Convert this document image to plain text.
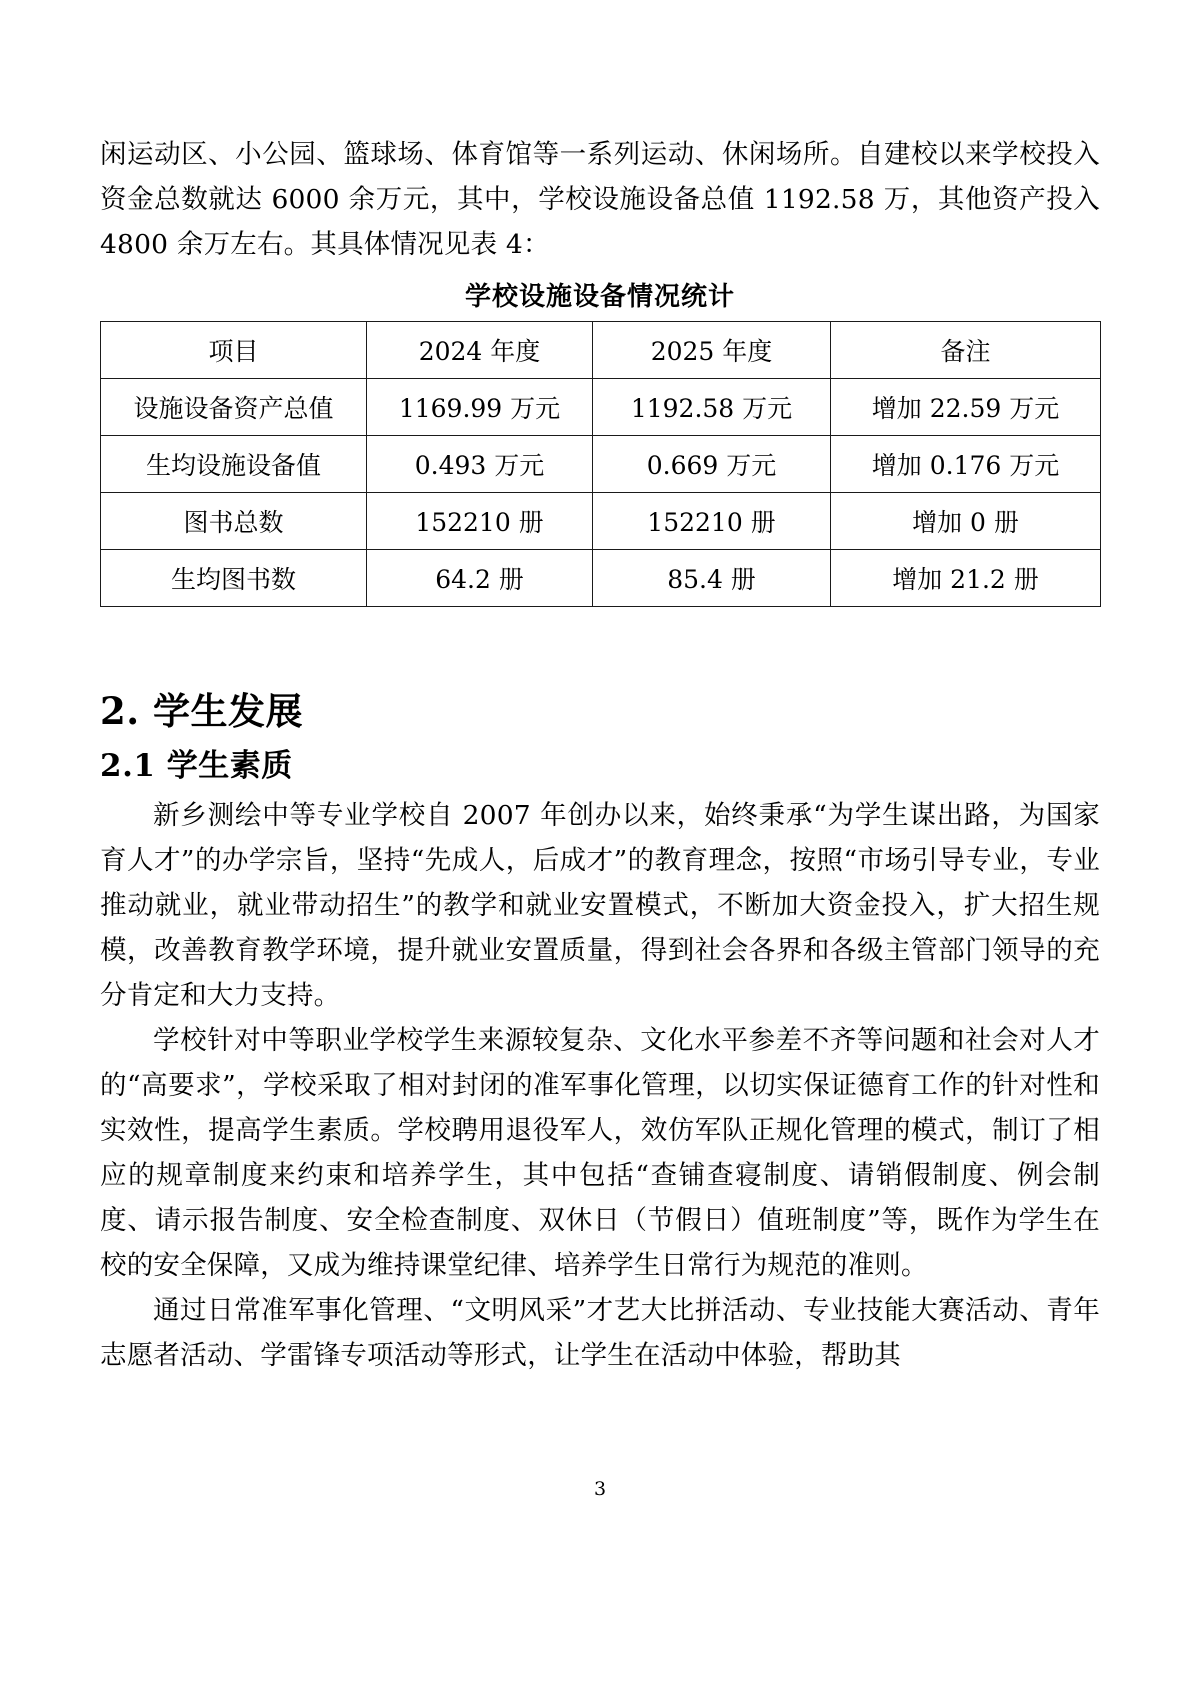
闲运动区、小公园、篮球场、体育馆等一系列运动、休闲场所。自建校以来学校投入资金总数就达 6000 余万元，其中，学校设施设备总值 1192.58 万，其他资产投入 4800 余万左右。其具体情况见表 4：

学校设施设备情况统计
项目	2024 年度	2025 年度	备注
设施设备资产总值	1169.99 万元	1192.58 万元	增加 22.59 万元
生均设施设备值	0.493 万元	0.669 万元	增加 0.176 万元
图书总数	152210 册	152210 册	增加 0 册
生均图书数	64.2 册	85.4 册	增加 21.2 册
2. 学生发展
2.1 学生素质

新乡测绘中等专业学校自 2007 年创办以来，始终秉承“为学生谋出路，为国家育人才”的办学宗旨，坚持“先成人，后成才”的教育理念，按照“市场引导专业，专业推动就业，就业带动招生”的教学和就业安置模式，不断加大资金投入，扩大招生规模，改善教育教学环境，提升就业安置质量，得到社会各界和各级主管部门领导的充分肯定和大力支持。

学校针对中等职业学校学生来源较复杂、文化水平参差不齐等问题和社会对人才的“高要求”，学校采取了相对封闭的准军事化管理，以切实保证德育工作的针对性和实效性，提高学生素质。学校聘用退役军人，效仿军队正规化管理的模式，制订了相应的规章制度来约束和培养学生，其中包括“查铺查寝制度、请销假制度、例会制度、请示报告制度、安全检查制度、双休日（节假日）值班制度”等，既作为学生在校的安全保障，又成为维持课堂纪律、培养学生日常行为规范的准则。

通过日常准军事化管理、“文明风采”才艺大比拼活动、专业技能大赛活动、青年志愿者活动、学雷锋专项活动等形式，让学生在活动中体验，帮助其

3
